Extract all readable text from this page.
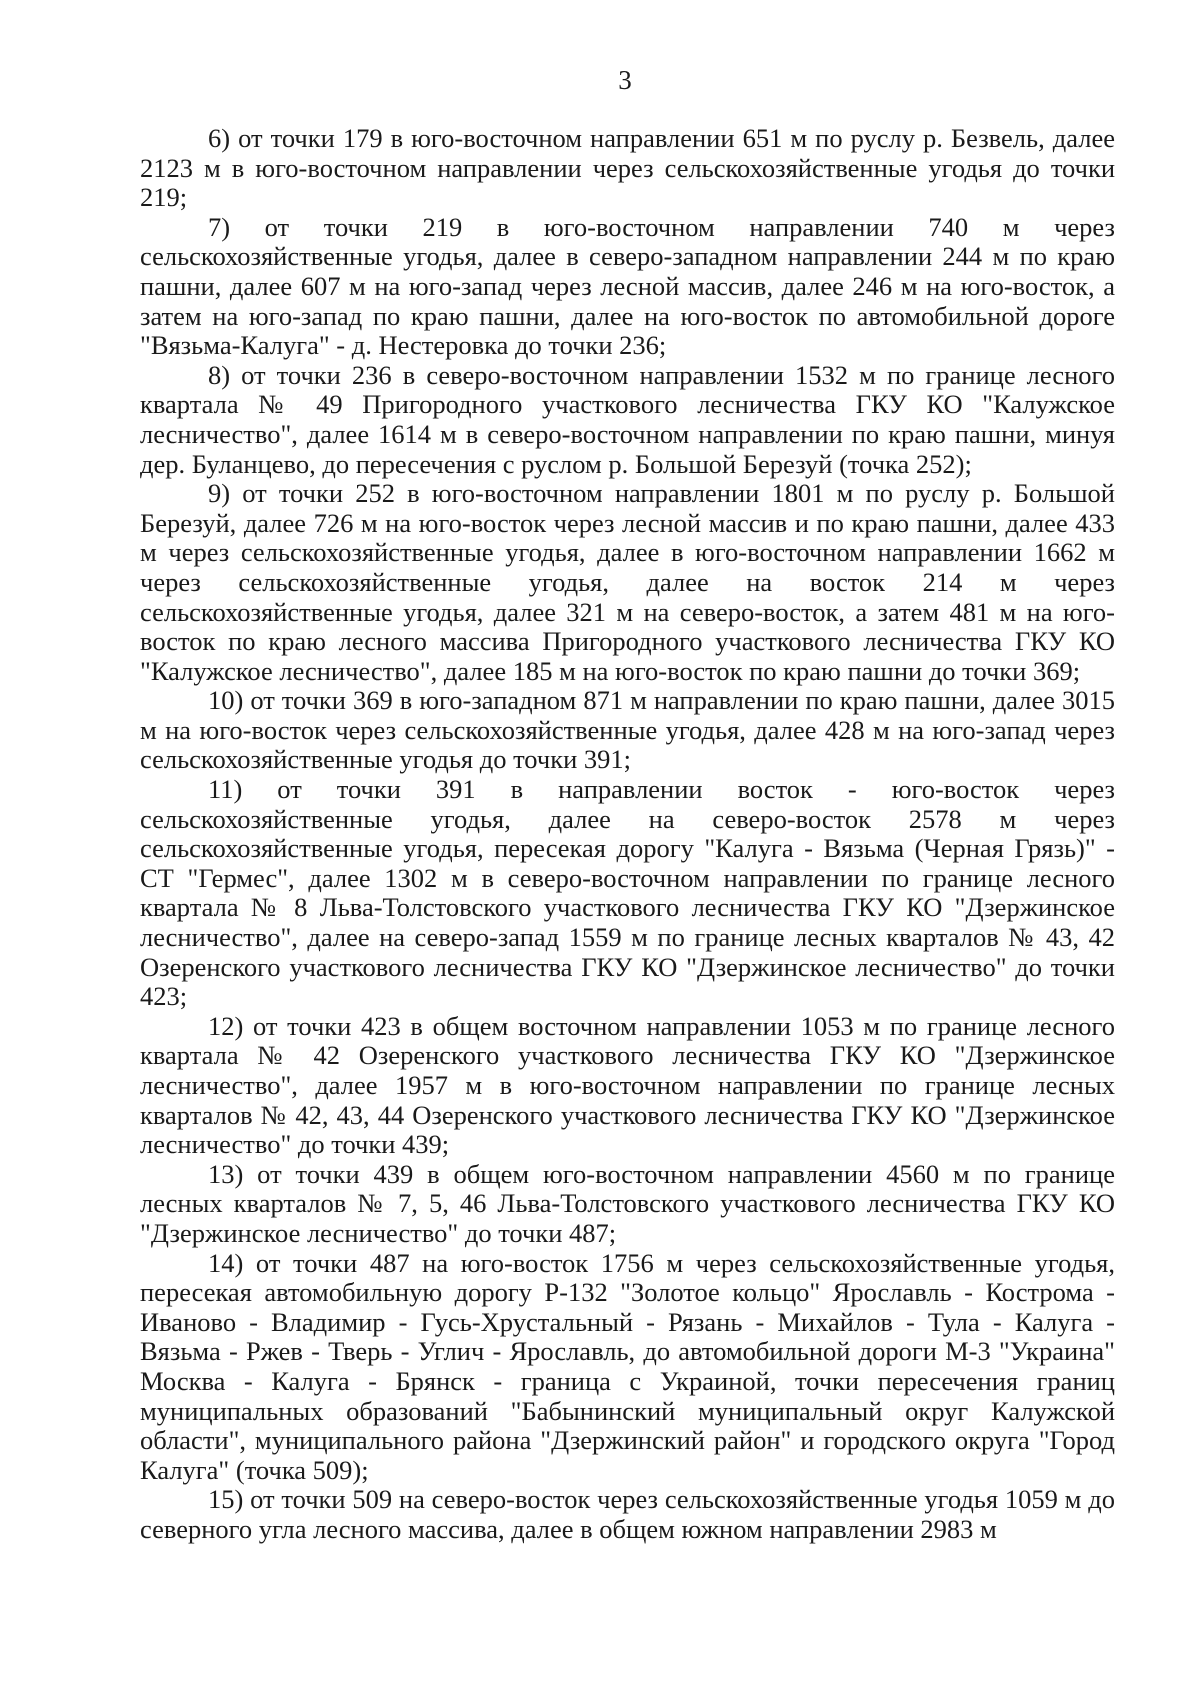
3

6) от точки 179 в юго-восточном направлении 651 м по руслу р. Безвель, далее 2123 м в юго-восточном направлении через сельскохозяйственные угодья до точки 219;

7) от точки 219 в юго-восточном направлении 740 м через сельскохозяйственные угодья, далее в северо-западном направлении 244 м по краю пашни, далее 607 м на юго-запад через лесной массив, далее 246 м на юго-восток, а затем на юго-запад по краю пашни, далее на юго-восток по автомобильной дороге "Вязьма-Калуга" - д. Нестеровка до точки 236;

8) от точки 236 в северо-восточном направлении 1532 м по границе лесного квартала № 49 Пригородного участкового лесничества ГКУ КО "Калужское лесничество", далее 1614 м в северо-восточном направлении по краю пашни, минуя дер. Буланцево, до пересечения с руслом р. Большой Березуй (точка 252);

9) от точки 252 в юго-восточном направлении 1801 м по руслу р. Большой Березуй, далее 726 м на юго-восток через лесной массив и по краю пашни, далее 433 м через сельскохозяйственные угодья, далее в юго-восточном направлении 1662 м через сельскохозяйственные угодья, далее на восток 214 м через сельскохозяйственные угодья, далее 321 м на северо-восток, а затем 481 м на юго-восток по краю лесного массива Пригородного участкового лесничества ГКУ КО "Калужское лесничество", далее 185 м на юго-восток по краю пашни до точки 369;

10) от точки 369 в юго-западном 871 м направлении по краю пашни, далее 3015 м на юго-восток через сельскохозяйственные угодья, далее 428 м на юго-запад через сельскохозяйственные угодья до точки 391;

11) от точки 391 в направлении восток - юго-восток через сельскохозяйственные угодья, далее на северо-восток 2578 м через сельскохозяйственные угодья, пересекая дорогу "Калуга - Вязьма (Черная Грязь)" - СТ "Гермес", далее 1302 м в северо-восточном направлении по границе лесного квартала № 8 Льва-Толстовского участкового лесничества ГКУ КО "Дзержинское лесничество", далее на северо-запад 1559 м по границе лесных кварталов № 43, 42 Озеренского участкового лесничества ГКУ КО "Дзержинское лесничество" до точки 423;

12) от точки 423 в общем восточном направлении 1053 м по границе лесного квартала № 42 Озеренского участкового лесничества ГКУ КО "Дзержинское лесничество", далее 1957 м в юго-восточном направлении по границе лесных кварталов № 42, 43, 44 Озеренского участкового лесничества ГКУ КО "Дзержинское лесничество" до точки 439;

13) от точки 439 в общем юго-восточном направлении 4560 м по границе лесных кварталов № 7, 5, 46 Льва-Толстовского участкового лесничества ГКУ КО "Дзержинское лесничество" до точки 487;

14) от точки 487 на юго-восток 1756 м через сельскохозяйственные угодья, пересекая автомобильную дорогу Р-132 "Золотое кольцо" Ярославль - Кострома - Иваново - Владимир - Гусь-Хрустальный - Рязань - Михайлов - Тула - Калуга - Вязьма - Ржев - Тверь - Углич - Ярославль, до автомобильной дороги М-3 "Украина" Москва - Калуга - Брянск - граница с Украиной, точки пересечения границ муниципальных образований "Бабынинский муниципальный округ Калужской области", муниципального района "Дзержинский район" и городского округа "Город Калуга" (точка 509);

15) от точки 509 на северо-восток через сельскохозяйственные угодья 1059 м до северного угла лесного массива, далее в общем южном направлении 2983 м
